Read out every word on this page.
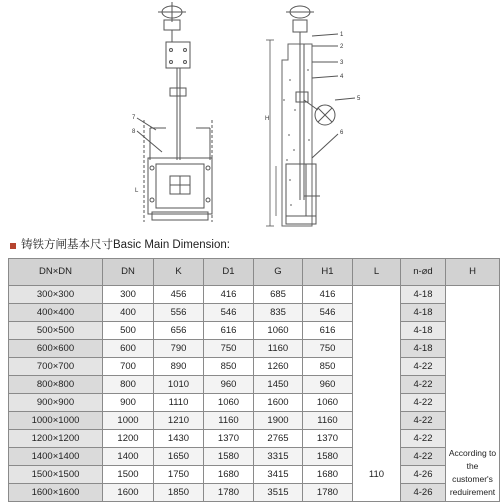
1
2
3
4
5
6
7
8
L
H
铸铁方闸基本尺寸Basic Main Dimension:
DN×DN	DN	K	D1	G	H1	L	n-⌀d	H
300×300	300	456	416	685	416	110	4-18	According to the customer's reduirement
400×400	400	556	546	835	546		4-18	
500×500	500	656	616	1060	616		4-18	
600×600	600	790	750	1160	750		4-18	
700×700	700	890	850	1260	850		4-22	
800×800	800	1010	960	1450	960		4-22	
900×900	900	1110	1060	1600	1060		4-22	
1000×1000	1000	1210	1160	1900	1160		4-22	
1200×1200	1200	1430	1370	2765	1370		4-22	
1400×1400	1400	1650	1580	3315	1580		4-22	
1500×1500	1500	1750	1680	3415	1680		4-26	
1600×1600	1600	1850	1780	3515	1780		4-26	
